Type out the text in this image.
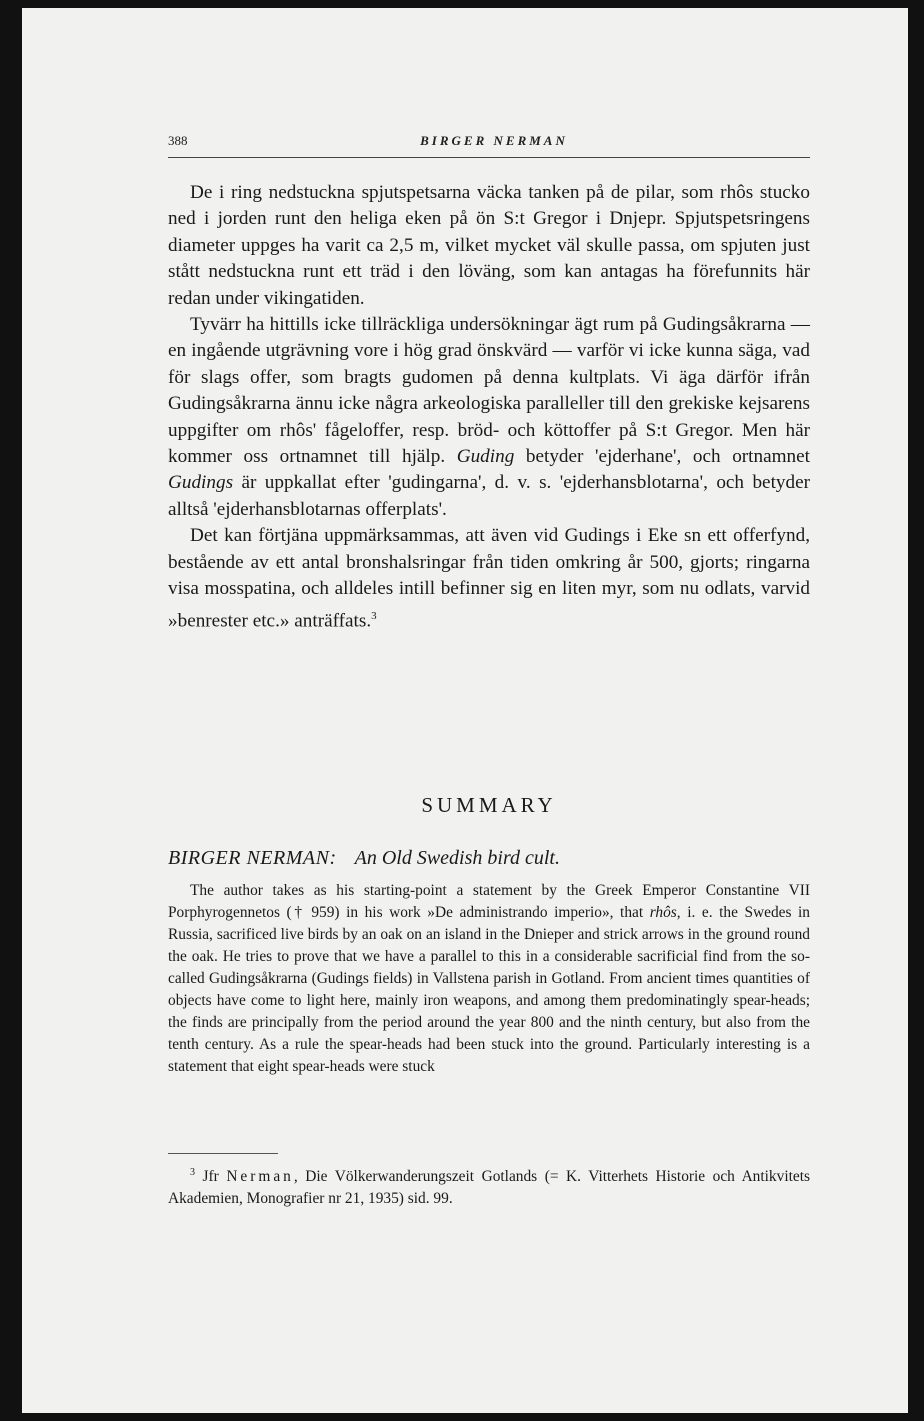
388	BIRGER NERMAN

De i ring nedstuckna spjutspetsarna väcka tanken på de pilar, som rhôs stucko ned i jorden runt den heliga eken på ön S:t Gregor i Dnjepr. Spjutspetsringens diameter uppges ha varit ca 2,5 m, vilket mycket väl skulle passa, om spjuten just stått nedstuckna runt ett träd i den löväng, som kan antagas ha förefunnits här redan under vikingatiden.

Tyvärr ha hittills icke tillräckliga undersökningar ägt rum på Gudingsåkrarna — en ingående utgrävning vore i hög grad önskvärd — varför vi icke kunna säga, vad för slags offer, som bragts gudomen på denna kultplats. Vi äga därför ifrån Gudingsåkrarna ännu icke några arkeologiska paralleller till den grekiske kejsarens uppgifter om rhôs' fågeloffer, resp. bröd- och köttoffer på S:t Gregor. Men här kommer oss ortnamnet till hjälp. Guding betyder 'ejderhane', och ortnamnet Gudings är uppkallat efter 'gudingarna', d. v. s. 'ejderhansblotarna', och betyder alltså 'ejderhansblotarnas offerplats'.

Det kan förtjäna uppmärksammas, att även vid Gudings i Eke sn ett offerfynd, bestående av ett antal bronshalsringar från tiden omkring år 500, gjorts; ringarna visa mosspatina, och alldeles intill befinner sig en liten myr, som nu odlats, varvid »benrester etc.» anträffats.$^3$

SUMMARY
BIRGER NERMAN: An Old Swedish bird cult.

The author takes as his starting-point a statement by the Greek Emperor Constantine VII Porphyrogennetos († 959) in his work »De administrando imperio», that rhôs, i. e. the Swedes in Russia, sacrificed live birds by an oak on an island in the Dnieper and strick arrows in the ground round the oak. He tries to prove that we have a parallel to this in a considerable sacrificial find from the so-called Gudingsåkrarna (Gudings fields) in Vallstena parish in Gotland. From ancient times quantities of objects have come to light here, mainly iron weapons, and among them predominatingly spear-heads; the finds are principally from the period around the year 800 and the ninth century, but also from the tenth century. As a rule the spear-heads had been stuck into the ground. Particularly interesting is a statement that eight spear-heads were stuck

$^3$ Jfr Nerman, Die Völkerwanderungszeit Gotlands (= K. Vitterhets Historie och Antikvitets Akademien, Monografier nr 21, 1935) sid. 99.
